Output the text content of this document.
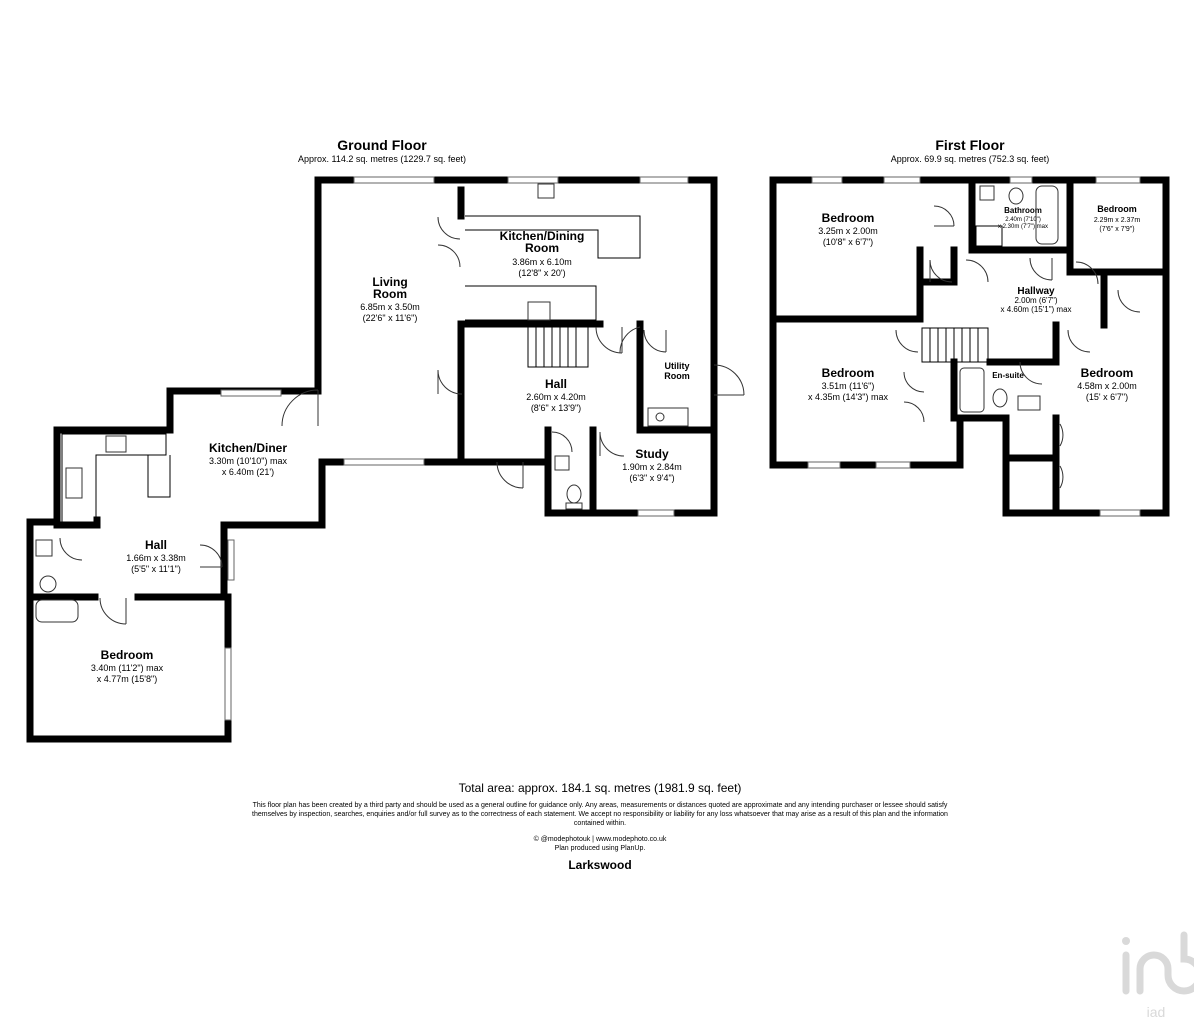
Ground Floor
Approx. 114.2 sq. metres (1229.7 sq. feet)
First Floor
Approx. 69.9 sq. metres (752.3 sq. feet)
Living
Room
6.85m x 3.50m
(22'6" x 11'6")
Kitchen/Dining
Room
3.86m x 6.10m
(12'8" x 20')
Hall
2.60m x 4.20m
(8'6" x 13'9")
Utility
Room
Study
1.90m x 2.84m
(6'3" x 9'4")
Kitchen/Diner
3.30m (10'10") max
x 6.40m (21')
Hall
1.66m x 3.38m
(5'5" x 11'1")
Bedroom
3.40m (11'2") max
x 4.77m (15'8")
Bedroom
3.25m x 2.00m
(10'8" x 6'7")
Bathroom
2.40m (7'10")
x 2.30m (7'7") max
Bedroom
2.29m x 2.37m
(7'6" x 7'9")
Hallway
2.00m (6'7")
x 4.60m (15'1") max
Bedroom
3.51m (11'6")
x 4.35m (14'3") max
En-suite	Bedroom
4.58m x 2.00m
(15' x 6'7")
Total area: approx. 184.1 sq. metres (1981.9 sq. feet)
This floor plan has been created by a third party and should be used as a general outline for guidance only. Any areas, measurements or distances quoted are approximate and any intending purchaser or lessee should satisfy
themselves by inspection, searches, enquiries and/or full survey as to the correctness of each statement. We accept no responsibility or liability for any loss whatsoever that may arise as a result of this plan and the information
contained within.
© @modephotouk | www.modephoto.co.uk
Plan produced using PlanUp.
Larkswood
iad
